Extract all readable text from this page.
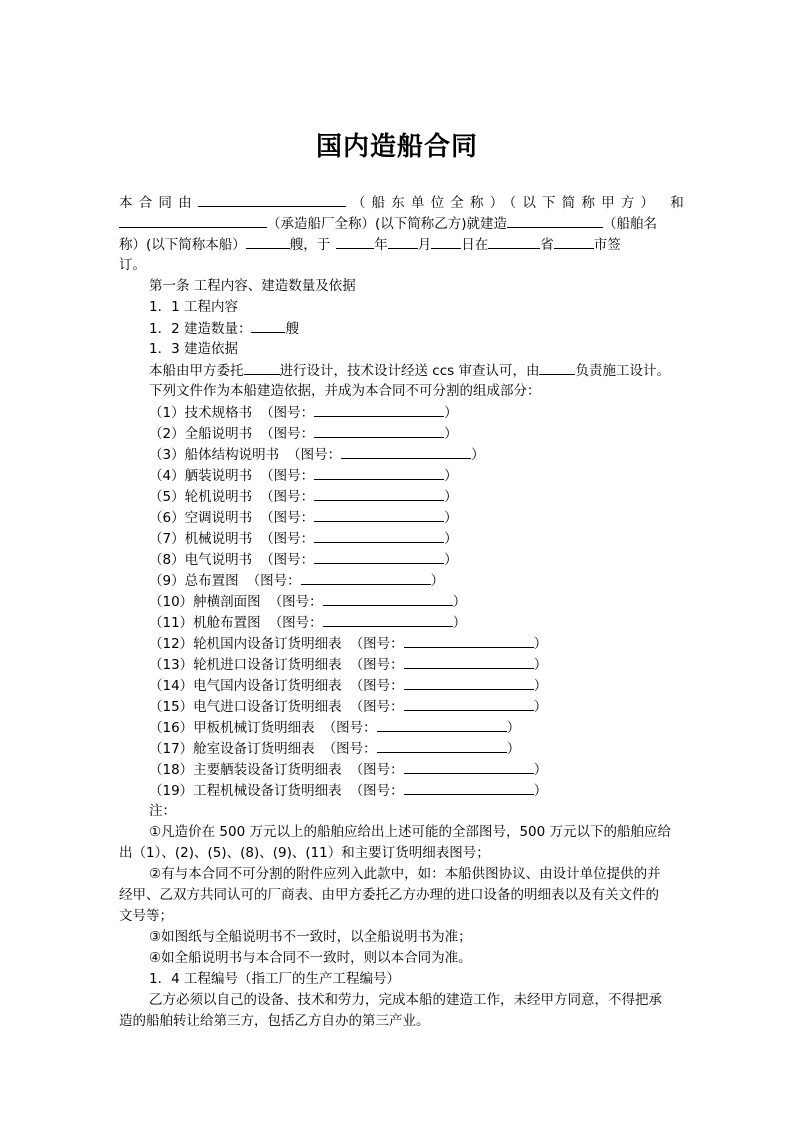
国内造船合同
本合同由	（船东单位全称）（以下简称甲方） 和
（承造船厂全称）(以下简称乙方)就建造	（船舶名
称）(以下简称本船）	艘，于	年 月 日在	省	市签
订。
第一条 工程内容、建造数量及依据
1．1 工程内容
1．2 建造数量：	艘
1．3 建造依据
本船由甲方委托	进行设计，技术设计经送 ccs 审查认可，由	负责施工设计。
下列文件作为本船建造依据，并成为本合同不可分割的组成部分：
（1）技术规格书 （图号：	）
（2）全船说明书 （图号：	）
（3）船体结构说明书 （图号：	）
（4）舾装说明书 （图号：	）
（5）轮机说明书 （图号：	）
（6）空调说明书 （图号：	）
（7）机械说明书 （图号：	）
（8）电气说明书 （图号：	）
（9）总布置图 （图号：	）
（10）舯横剖面图 （图号：	）
（11）机舱布置图 （图号：	）
（12）轮机国内设备订货明细表 （图号：	）
（13）轮机进口设备订货明细表 （图号：	）
（14）电气国内设备订货明细表 （图号：	）
（15）电气进口设备订货明细表 （图号：	）
（16）甲板机械订货明细表 （图号：	）
（17）舱室设备订货明细表 （图号：	）
（18）主要舾装设备订货明细表 （图号：	）
（19）工程机械设备订货明细表 （图号：	）
注：
①凡造价在 500 万元以上的船舶应给出上述可能的全部图号，500 万元以下的船舶应给
出（1）、(2)、(5)、(8)、(9)、(11）和主要订货明细表图号；
②有与本合同不可分割的附件应列入此款中，如：本船供图协议、由设计单位提供的并
经甲、乙双方共同认可的厂商表、由甲方委托乙方办理的进口设备的明细表以及有关文件的
文号等；
③如图纸与全船说明书不一致时，以全船说明书为准；
④如全船说明书与本合同不一致时，则以本合同为准。
1．4 工程编号（指工厂的生产工程编号）
乙方必须以自己的设备、技术和劳力，完成本船的建造工作，未经甲方同意，不得把承
造的船舶转让给第三方，包括乙方自办的第三产业。
